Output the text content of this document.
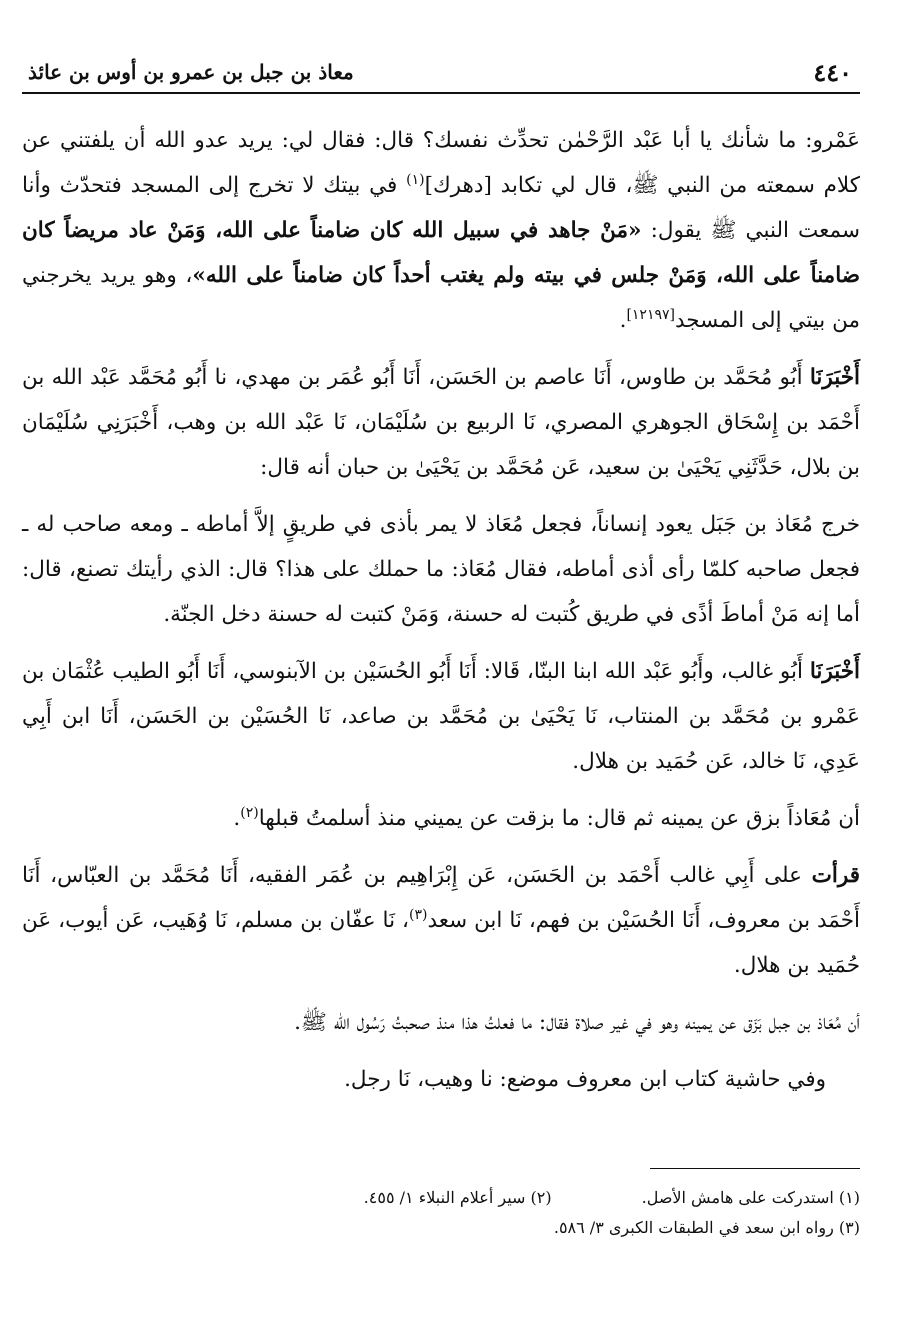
٤٤٠
معاذ بن جبل بن عمرو بن أوس بن عائذ

عَمْرو: ما شأنك يا أبا عَبْد الرَّحْمٰن تحدِّث نفسك؟ قال: فقال لي: يريد عدو الله أن يلفتني عن كلام سمعته من النبي ﷺ، قال لي تكابد [دهرك]$^{(١)}$ في بيتك لا تخرج إلى المسجد فتحدّث وأنا سمعت النبي ﷺ يقول: «مَنْ جاهد في سبيل الله كان ضامناً على الله، وَمَنْ عاد مريضاً كان ضامناً على الله، وَمَنْ جلس في بيته ولم يغتب أحداً كان ضامناً على الله»، وهو يريد يخرجني من بيتي إلى المسجد[١٢١٩٧].

أَخْبَرَنَا أَبُو مُحَمَّد بن طاوس، أَنَا عاصم بن الحَسَن، أَنَا أَبُو عُمَر بن مهدي، نا أَبُو مُحَمَّد عَبْد الله بن أَحْمَد بن إِسْحَاق الجوهري المصري، نَا الربيع بن سُلَيْمَان، نَا عَبْد الله بن وهب، أَخْبَرَنِي سُلَيْمَان بن بلال، حَدَّثَنِي يَحْيَىٰ بن سعيد، عَن مُحَمَّد بن يَحْيَىٰ بن حبان أنه قال:

خرج مُعَاذ بن جَبَل يعود إنساناً، فجعل مُعَاذ لا يمر بأذى في طريقٍ إلاَّ أماطه ـ ومعه صاحب له ـ فجعل صاحبه كلمّا رأى أذى أماطه، فقال مُعَاذ: ما حملك على هذا؟ قال: الذي رأيتك تصنع، قال: أما إنه مَنْ أماطَ أذًى في طريق كُتبت له حسنة، وَمَنْ كتبت له حسنة دخل الجنّة.

أَخْبَرَنَا أَبُو غالب، وأَبُو عَبْد الله ابنا البنّا، قَالا: أَنَا أَبُو الحُسَيْن بن الآبنوسي، أَنَا أَبُو الطيب عُثْمَان بن عَمْرو بن مُحَمَّد بن المنتاب، نَا يَحْيَىٰ بن مُحَمَّد بن صاعد، نَا الحُسَيْن بن الحَسَن، أَنَا ابن أَبِي عَدِي، نَا خالد، عَن حُمَيد بن هلال.

أن مُعَاذاً بزق عن يمينه ثم قال: ما بزقت عن يميني منذ أسلمتُ قبلها$^{(٢)}$.

قرأت على أَبِي غالب أَحْمَد بن الحَسَن، عَن إِبْرَاهِيم بن عُمَر الفقيه، أَنَا مُحَمَّد بن العبّاس، أَنَا أَحْمَد بن معروف، أَنَا الحُسَيْن بن فهم، نَا ابن سعد$^{(٣)}$، نَا عفّان بن مسلم، نَا وُهَيب، عَن أيوب، عَن حُمَيد بن هلال.

أن مُعَاذ بن جبل بَزَق عن يمينه وهو في غير صلاة فقال: ما فعلتُ هذا منذ صحبتُ رَسُول الله ﷺ.

وفي حاشية كتاب ابن معروف موضع: نا وهيب، نَا رجل.

(١) استدركت على هامش الأصل.
(٢) سير أعلام النبلاء ١/ ٤٥٥.
(٣) رواه ابن سعد في الطبقات الكبرى ٣/ ٥٨٦.
